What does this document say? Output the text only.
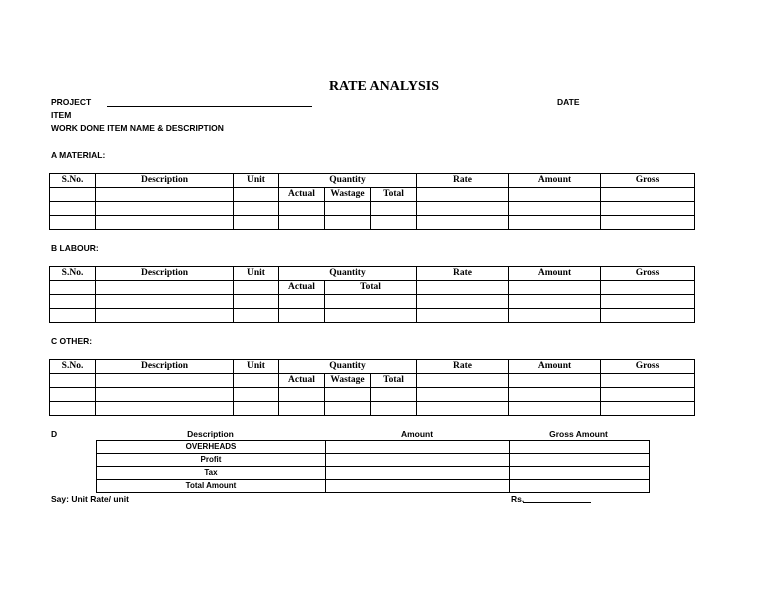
RATE ANALYSIS
PROJECT	DATE
ITEM
WORK DONE ITEM NAME & DESCRIPTION
A MATERIAL:
S.No.	Description	Unit	Quantity			Rate	Amount	Gross
			Actual	Wastage	Total			

B LABOUR:
S.No.	Description	Unit	Quantity		Rate	Amount	Gross
			Actual	Total			

C OTHER:
S.No.	Description	Unit	Quantity			Rate	Amount	Gross
			Actual	Wastage	Total			

D	Description	Amount	Gross Amount
OVERHEADS		
Profit		
Tax		
Total Amount		
Say: Unit Rate/ unit	Rs.
